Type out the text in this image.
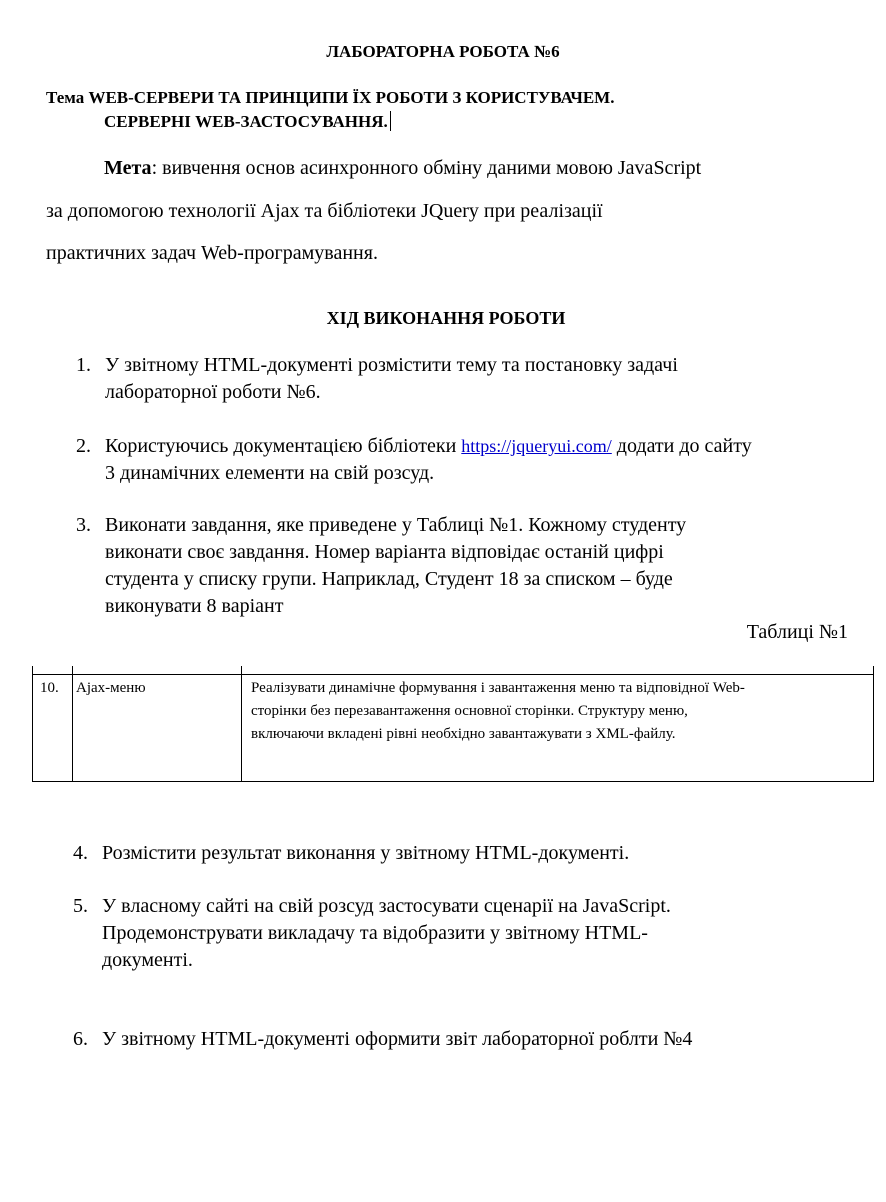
ЛАБОРАТОРНА РОБОТА №6
Тема WEB-СЕРВЕРИ ТА ПРИНЦИПИ ЇХ РОБОТИ З КОРИСТУВАЧЕМ.
СЕРВЕРНІ WEB-ЗАСТОСУВАННЯ.
Мета: вивчення основ асинхронного обміну даними мовою JavaScript
за допомогою технології Ajax та бібліотеки JQuery при реалізації
практичних задач Web-програмування.
ХІД ВИКОНАННЯ РОБОТИ
1. У звітному HTML-документі розмістити тему та постановку задачі
лабораторної роботи №6.
2. Користуючись документацією бібліотеки https://jqueryui.com/ додати до сайту
3 динамічних елементи на свій розсуд.
3. Виконати завдання, яке приведене у Таблиці №1. Кожному студенту
виконати своє завдання. Номер варіанта відповідає останій цифрі
студента у списку групи. Наприклад, Студент 18 за списком – буде
виконувати 8 варіант
Таблиці №1
10. Ajax-меню	Реалізувати динамічне формування і завантаження меню та відповідної Web-
сторінки без перезавантаження основної сторінки. Структуру меню,
включаючи вкладені рівні необхідно завантажувати з XML-файлу.
4. Розмістити результат виконання у звітному HTML-документі.
5. У власному сайті на свій розсуд застосувати сценарії на JavaScript.
Продемонструвати викладачу та відобразити у звітному HTML-
документі.
6. У звітному HTML-документі оформити звіт лабораторної роблти №4
